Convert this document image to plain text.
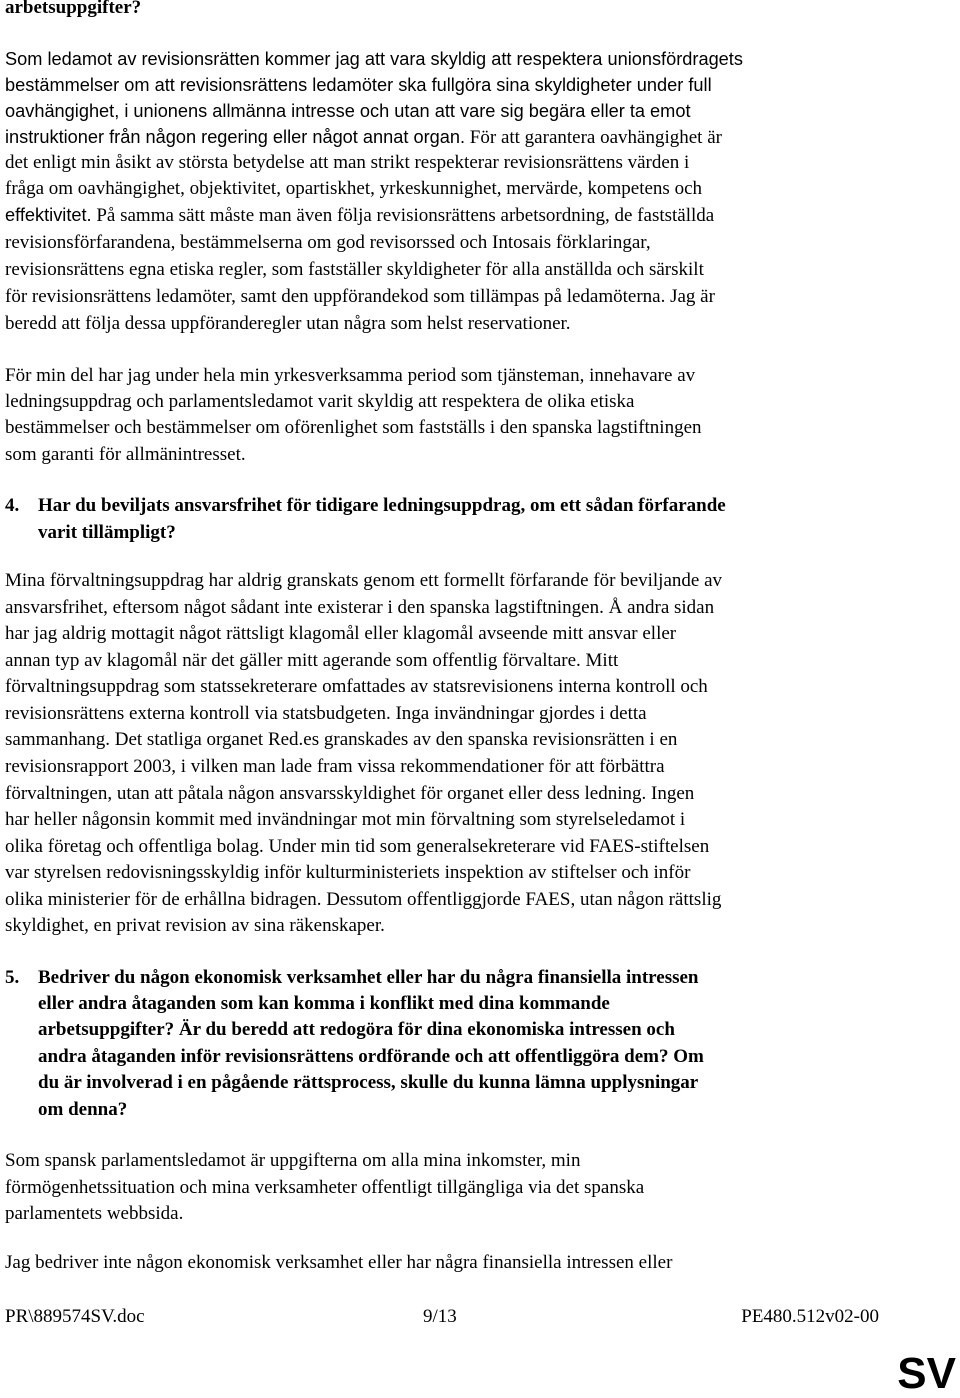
arbetsuppgifter?
Som ledamot av revisionsrätten kommer jag att vara skyldig att respektera unionsfördragets
bestämmelser om att revisionsrättens ledamöter ska fullgöra sina skyldigheter under full
oavhängighet, i unionens allmänna intresse och utan att vare sig begära eller ta emot
instruktioner från någon regering eller något annat organ. För att garantera oavhängighet är
det enligt min åsikt av största betydelse att man strikt respekterar revisionsrättens värden i
fråga om oavhängighet, objektivitet, opartiskhet, yrkeskunnighet, mervärde, kompetens och
effektivitet. På samma sätt måste man även följa revisionsrättens arbetsordning, de fastställda
revisionsförfarandena, bestämmelserna om god revisorssed och Intosais förklaringar,
revisionsrättens egna etiska regler, som fastställer skyldigheter för alla anställda och särskilt
för revisionsrättens ledamöter, samt den uppförandekod som tillämpas på ledamöterna. Jag är
beredd att följa dessa uppföranderegler utan några som helst reservationer.
För min del har jag under hela min yrkesverksamma period som tjänsteman, innehavare av
ledningsuppdrag och parlamentsledamot varit skyldig att respektera de olika etiska
bestämmelser och bestämmelser om oförenlighet som fastställs i den spanska lagstiftningen
som garanti för allmänintresset.
4. Har du beviljats ansvarsfrihet för tidigare ledningsuppdrag, om ett sådan förfarande
varit tillämpligt?
Mina förvaltningsuppdrag har aldrig granskats genom ett formellt förfarande för beviljande av
ansvarsfrihet, eftersom något sådant inte existerar i den spanska lagstiftningen. Å andra sidan
har jag aldrig mottagit något rättsligt klagomål eller klagomål avseende mitt ansvar eller
annan typ av klagomål när det gäller mitt agerande som offentlig förvaltare. Mitt
förvaltningsuppdrag som statssekreterare omfattades av statsrevisionens interna kontroll och
revisionsrättens externa kontroll via statsbudgeten. Inga invändningar gjordes i detta
sammanhang. Det statliga organet Red.es granskades av den spanska revisionsrätten i en
revisionsrapport 2003, i vilken man lade fram vissa rekommendationer för att förbättra
förvaltningen, utan att påtala någon ansvarsskyldighet för organet eller dess ledning. Ingen
har heller någonsin kommit med invändningar mot min förvaltning som styrelseledamot i
olika företag och offentliga bolag. Under min tid som generalsekreterare vid FAES-stiftelsen
var styrelsen redovisningsskyldig inför kulturministeriets inspektion av stiftelser och inför
olika ministerier för de erhållna bidragen. Dessutom offentliggjorde FAES, utan någon rättslig
skyldighet, en privat revision av sina räkenskaper.
5. Bedriver du någon ekonomisk verksamhet eller har du några finansiella intressen
eller andra åtaganden som kan komma i konflikt med dina kommande
arbetsuppgifter? Är du beredd att redogöra för dina ekonomiska intressen och
andra åtaganden inför revisionsrättens ordförande och att offentliggöra dem? Om
du är involverad i en pågående rättsprocess, skulle du kunna lämna upplysningar
om denna?
Som spansk parlamentsledamot är uppgifterna om alla mina inkomster, min
förmögenhetssituation och mina verksamheter offentligt tillgängliga via det spanska
parlamentets webbsida.
Jag bedriver inte någon ekonomisk verksamhet eller har några finansiella intressen eller
PR\889574SV.doc	9/13	PE480.512v02-00
SV
